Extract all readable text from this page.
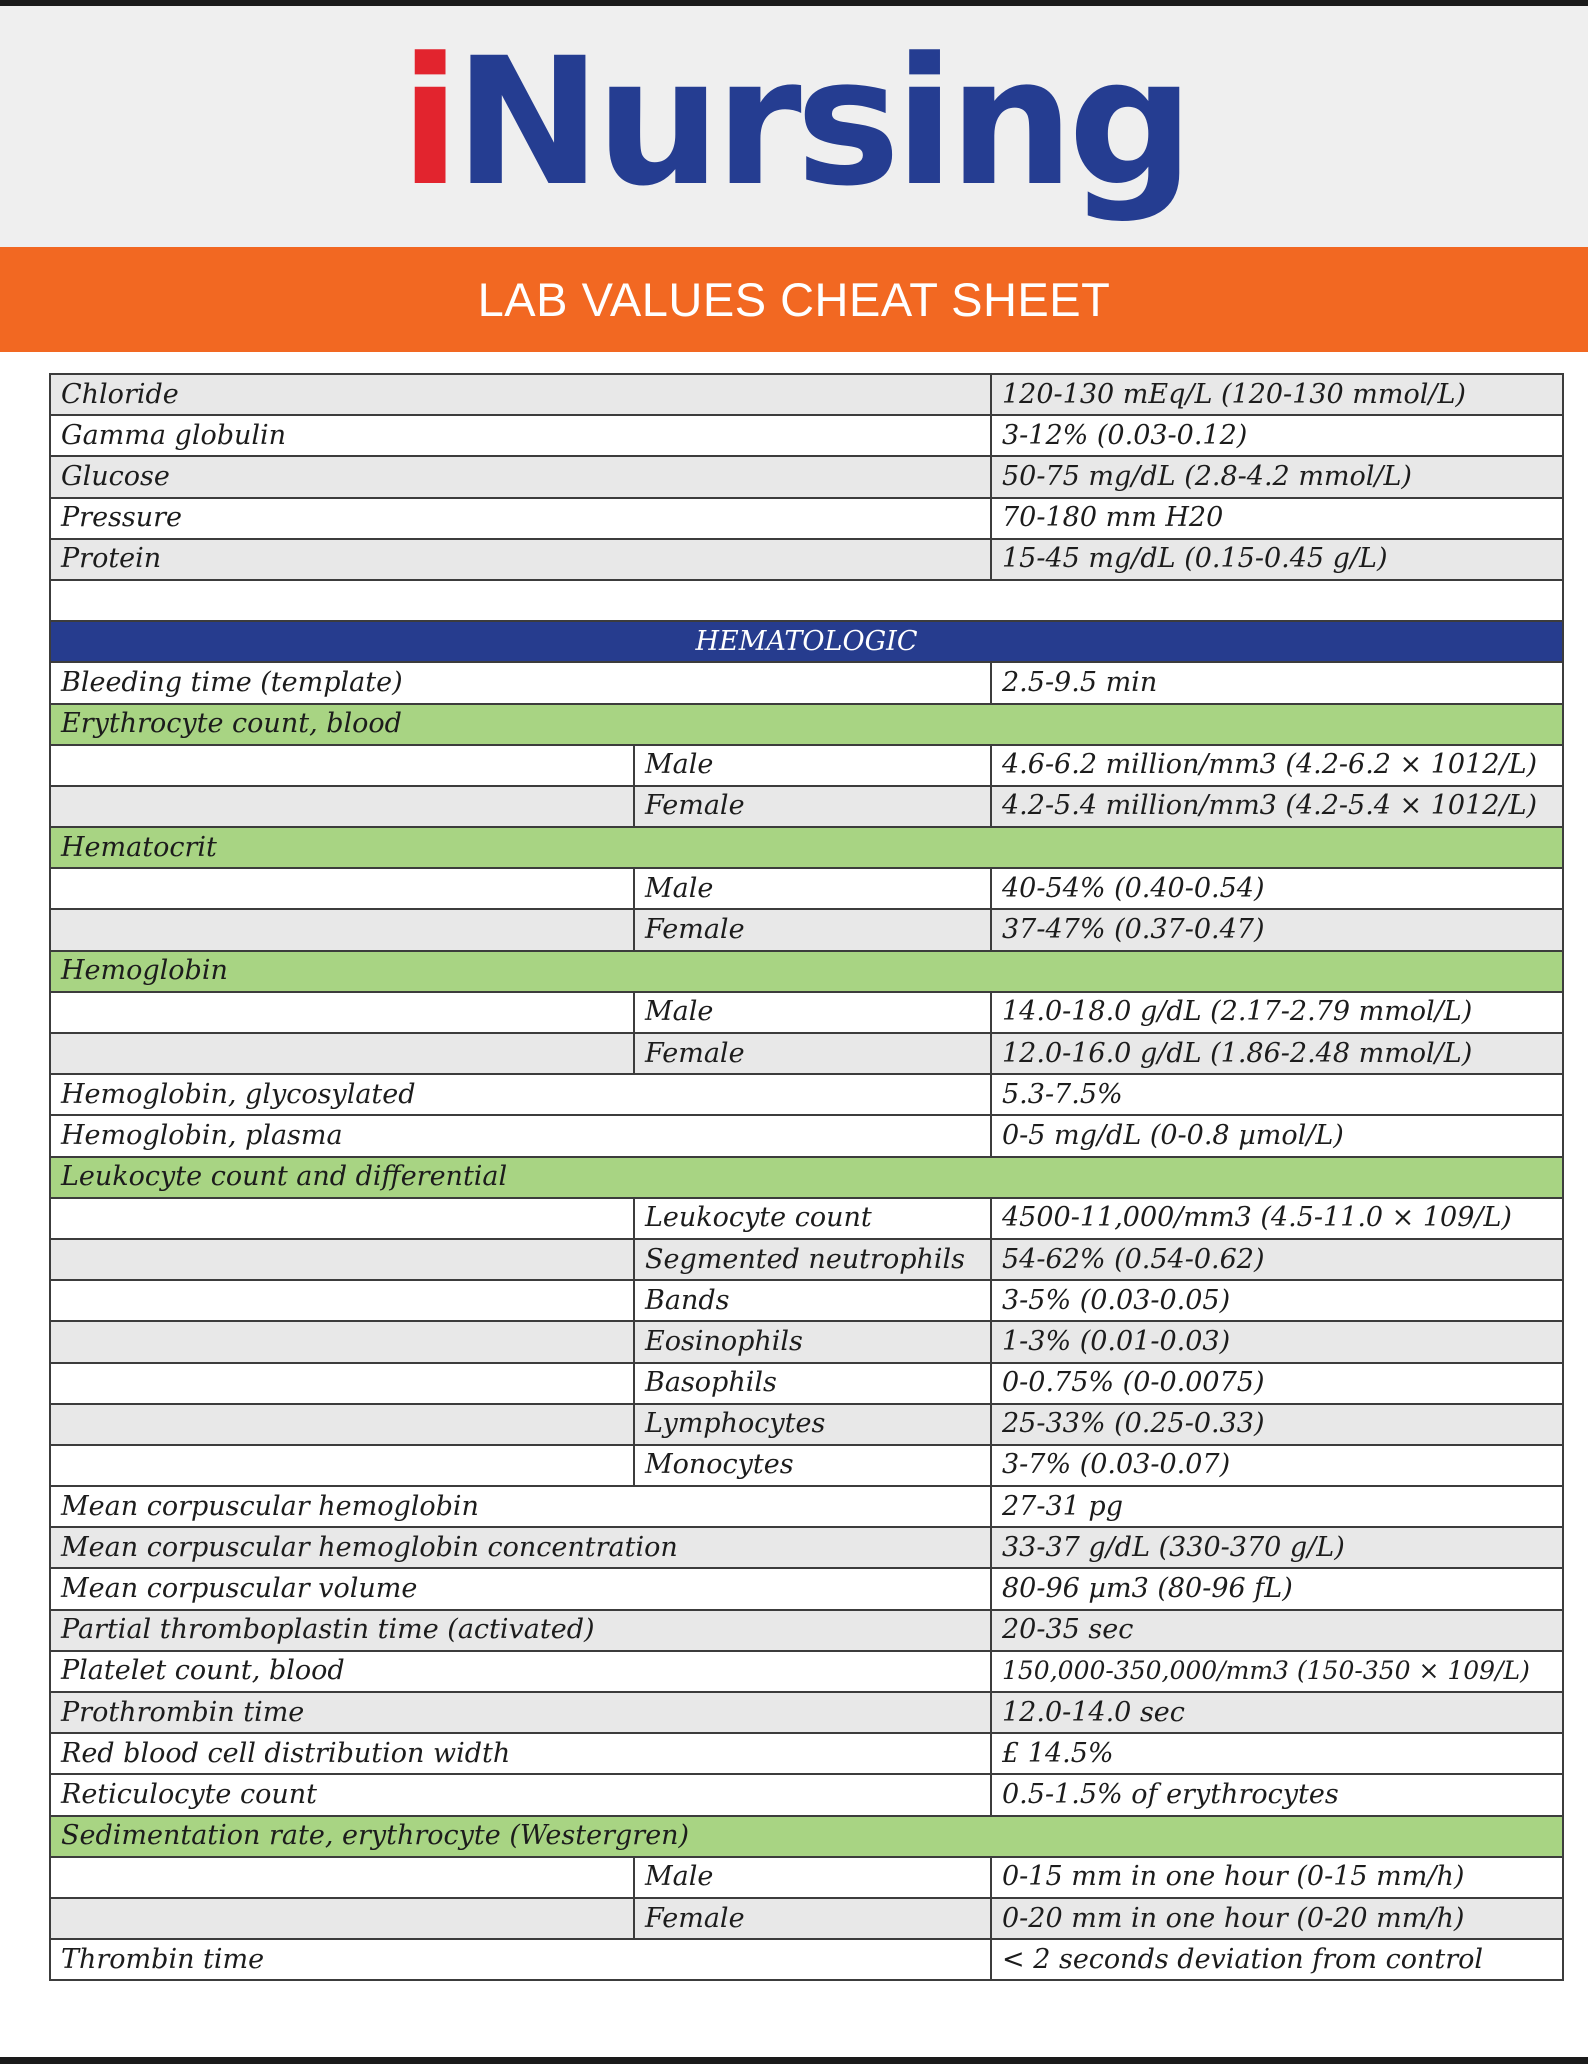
iNursing
LAB VALUES CHEAT SHEET
Chloride		120-130 mEq/L (120-130 mmol/L)
Gamma globulin		3-12% (0.03-0.12)
Glucose		50-75 mg/dL (2.8-4.2 mmol/L)
Pressure		70-180 mm H20
Protein		15-45 mg/dL (0.15-0.45 g/L)

HEMATOLOGIC		
Bleeding time (template)		2.5-9.5 min
Erythrocyte count, blood		
	Male	4.6-6.2 million/mm3 (4.2-6.2 × 1012/L)
	Female	4.2-5.4 million/mm3 (4.2-5.4 × 1012/L)
Hematocrit		
	Male	40-54% (0.40-0.54)
	Female	37-47% (0.37-0.47)
Hemoglobin		
	Male	14.0-18.0 g/dL (2.17-2.79 mmol/L)
	Female	12.0-16.0 g/dL (1.86-2.48 mmol/L)
Hemoglobin, glycosylated		5.3-7.5%
Hemoglobin, plasma		0-5 mg/dL (0-0.8 µmol/L)
Leukocyte count and differential		
	Leukocyte count	4500-11,000/mm3 (4.5-11.0 × 109/L)
	Segmented neutrophils	54-62% (0.54-0.62)
	Bands	3-5% (0.03-0.05)
	Eosinophils	1-3% (0.01-0.03)
	Basophils	0-0.75% (0-0.0075)
	Lymphocytes	25-33% (0.25-0.33)
	Monocytes	3-7% (0.03-0.07)
Mean corpuscular hemoglobin		27-31 pg
Mean corpuscular hemoglobin concentration		33-37 g/dL (330-370 g/L)
Mean corpuscular volume		80-96 µm3 (80-96 fL)
Partial thromboplastin time (activated)		20-35 sec
Platelet count, blood		150,000-350,000/mm3 (150-350 × 109/L)
Prothrombin time		12.0-14.0 sec
Red blood cell distribution width		£ 14.5%
Reticulocyte count		0.5-1.5% of erythrocytes
Sedimentation rate, erythrocyte (Westergren)		
	Male	0-15 mm in one hour (0-15 mm/h)
	Female	0-20 mm in one hour (0-20 mm/h)
Thrombin time		< 2 seconds deviation from control
